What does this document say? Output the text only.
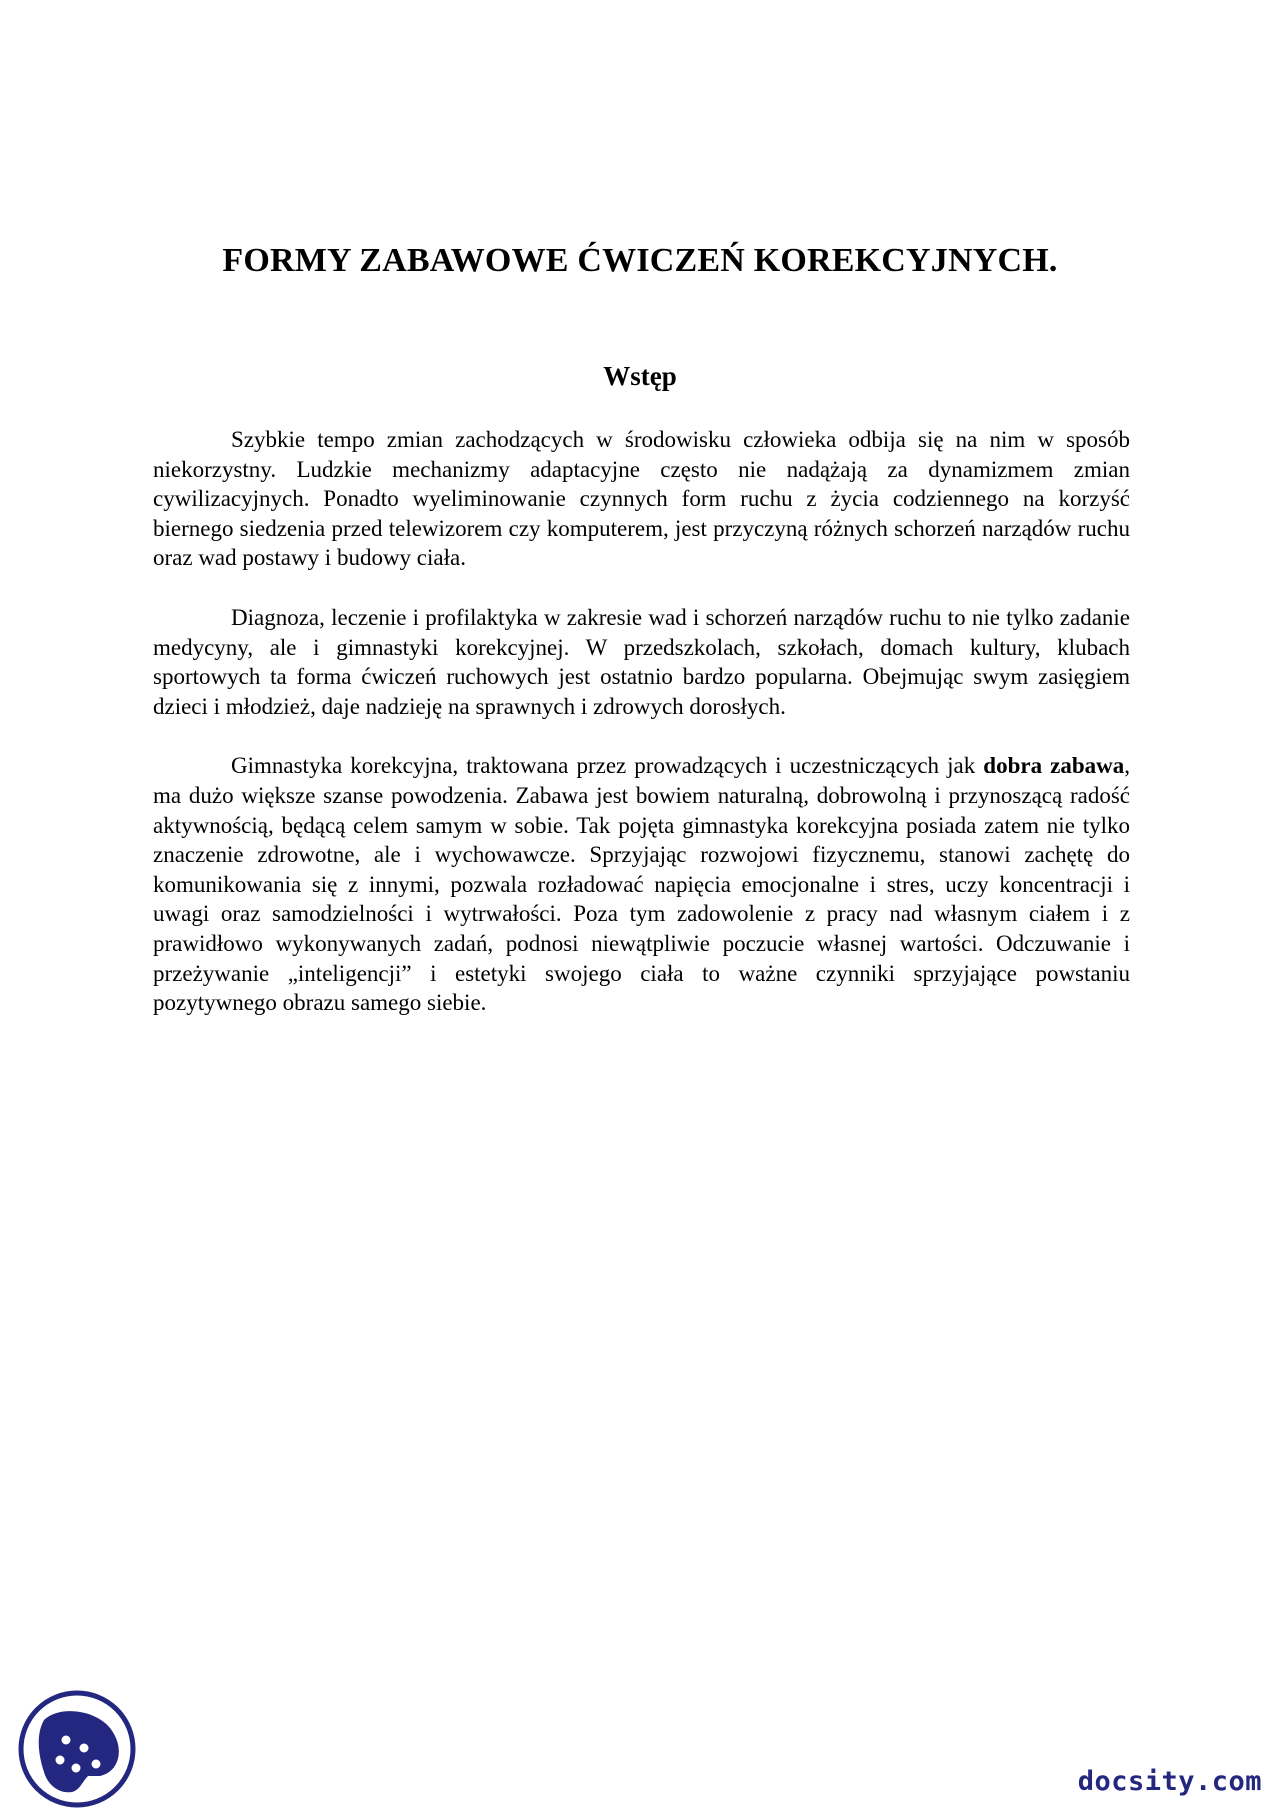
FORMY ZABAWOWE ĆWICZEŃ KOREKCYJNYCH.
Wstęp

Szybkie tempo zmian zachodzących w środowisku człowieka odbija się na nim w sposób niekorzystny. Ludzkie mechanizmy adaptacyjne często nie nadążają za dynamizmem zmian cywilizacyjnych. Ponadto wyeliminowanie czynnych form ruchu z życia codziennego na korzyść biernego siedzenia przed telewizorem czy komputerem, jest przyczyną różnych schorzeń narządów ruchu oraz wad postawy i budowy ciała.

Diagnoza, leczenie i profilaktyka w zakresie wad i schorzeń narządów ruchu to nie tylko zadanie medycyny, ale i gimnastyki korekcyjnej. W przedszkolach, szkołach, domach kultury, klubach sportowych ta forma ćwiczeń ruchowych jest ostatnio bardzo popularna. Obejmując swym zasięgiem dzieci i młodzież, daje nadzieję na sprawnych i zdrowych dorosłych.

Gimnastyka korekcyjna, traktowana przez prowadzących i uczestniczących jak dobra zabawa, ma dużo większe szanse powodzenia. Zabawa jest bowiem naturalną, dobrowolną i przynoszącą radość aktywnością, będącą celem samym w sobie. Tak pojęta gimnastyka korekcyjna posiada zatem nie tylko znaczenie zdrowotne, ale i wychowawcze. Sprzyjając rozwojowi fizycznemu, stanowi zachętę do komunikowania się z innymi, pozwala rozładować napięcia emocjonalne i stres, uczy koncentracji i uwagi oraz samodzielności i wytrwałości. Poza tym zadowolenie z pracy nad własnym ciałem i z prawidłowo wykonywanych zadań, podnosi niewątpliwie poczucie własnej wartości. Odczuwanie i przeżywanie „inteligencji” i estetyki swojego ciała to ważne czynniki sprzyjające powstaniu pozytywnego obrazu samego siebie.

docsity.com
